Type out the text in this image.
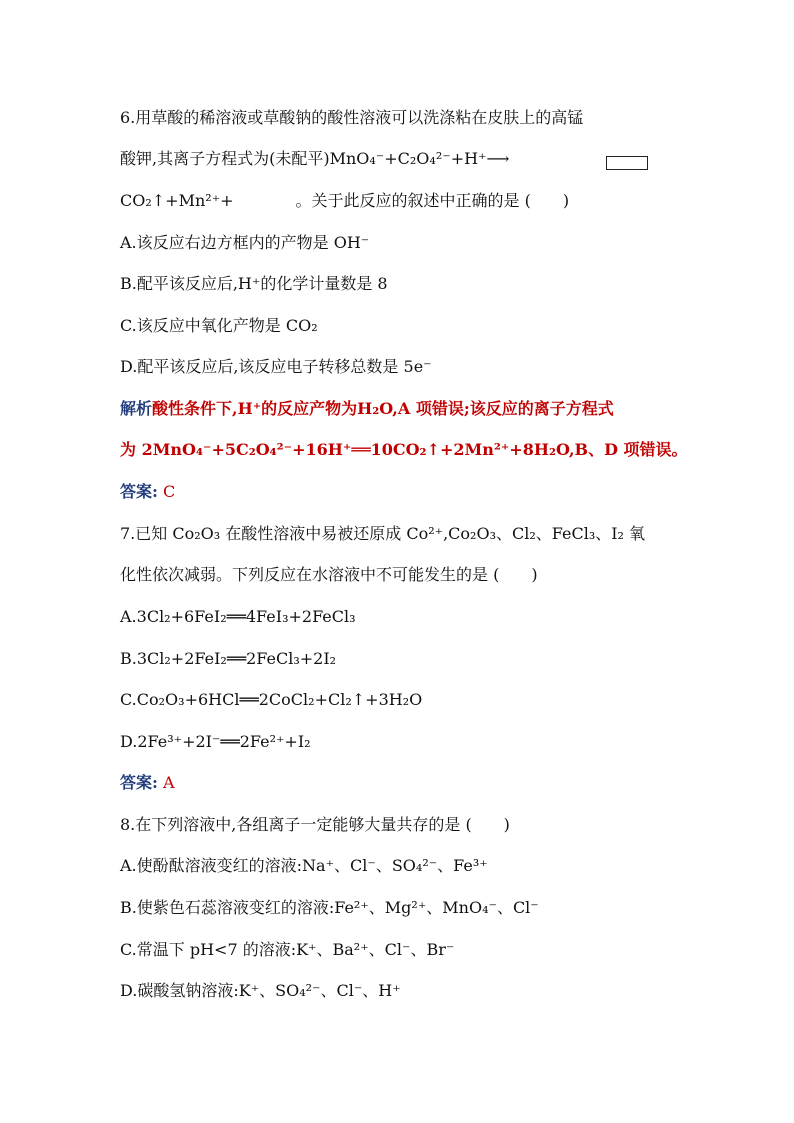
6.用草酸的稀溶液或草酸钠的酸性溶液可以洗涤粘在皮肤上的高锰
酸钾,其离子方程式为(未配平)MnO₄⁻+C₂O₄²⁻+H⁺⟶
CO₂↑+Mn²⁺+	。关于此反应的叙述中正确的是 (　　)
A.该反应右边方框内的产物是 OH⁻
B.配平该反应后,H⁺的化学计量数是 8
C.该反应中氧化产物是 CO₂
D.配平该反应后,该反应电子转移总数是 5e⁻
解析酸性条件下,H⁺的反应产物为H₂O,A 项错误;该反应的离子方程式
为 2MnO₄⁻+5C₂O₄²⁻+16H⁺══10CO₂↑+2Mn²⁺+8H₂O,B、D 项错误。
答案: C
7.已知 Co₂O₃ 在酸性溶液中易被还原成 Co²⁺,Co₂O₃、Cl₂、FeCl₃、I₂ 氧
化性依次减弱。下列反应在水溶液中不可能发生的是 (　　)
A.3Cl₂+6FeI₂══4FeI₃+2FeCl₃
B.3Cl₂+2FeI₂══2FeCl₃+2I₂
C.Co₂O₃+6HCl══2CoCl₂+Cl₂↑+3H₂O
D.2Fe³⁺+2I⁻══2Fe²⁺+I₂
答案: A
8.在下列溶液中,各组离子一定能够大量共存的是 (　　)
A.使酚酞溶液变红的溶液:Na⁺、Cl⁻、SO₄²⁻、Fe³⁺
B.使紫色石蕊溶液变红的溶液:Fe²⁺、Mg²⁺、MnO₄⁻、Cl⁻
C.常温下 pH<7 的溶液:K⁺、Ba²⁺、Cl⁻、Br⁻
D.碳酸氢钠溶液:K⁺、SO₄²⁻、Cl⁻、H⁺
